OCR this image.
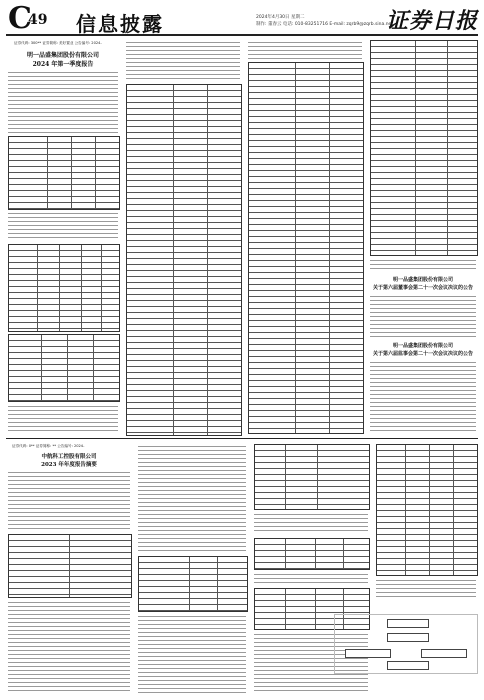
C
49 信息披露	2024年4月30日 星期二
制作: 董春云 电话: 010-83251716 E-mail: zqrb9@zqrb.sina.net
证券日报
证券代码: 300** 证券简称: 美好置业 公告编号: 2024-
明一品盛集团股份有限公司
2024 年第一季度报告
明一品盛集团股份有限公司
关于第六届董事会第二十一次会议决议的公告
明一品盛集团股份有限公司
关于第六届监事会第二十一次会议决议的公告
证券代码: 0** 证券简称: ** 公告编号: 2024-
中航科工控股有限公司
2023 年年度报告摘要
